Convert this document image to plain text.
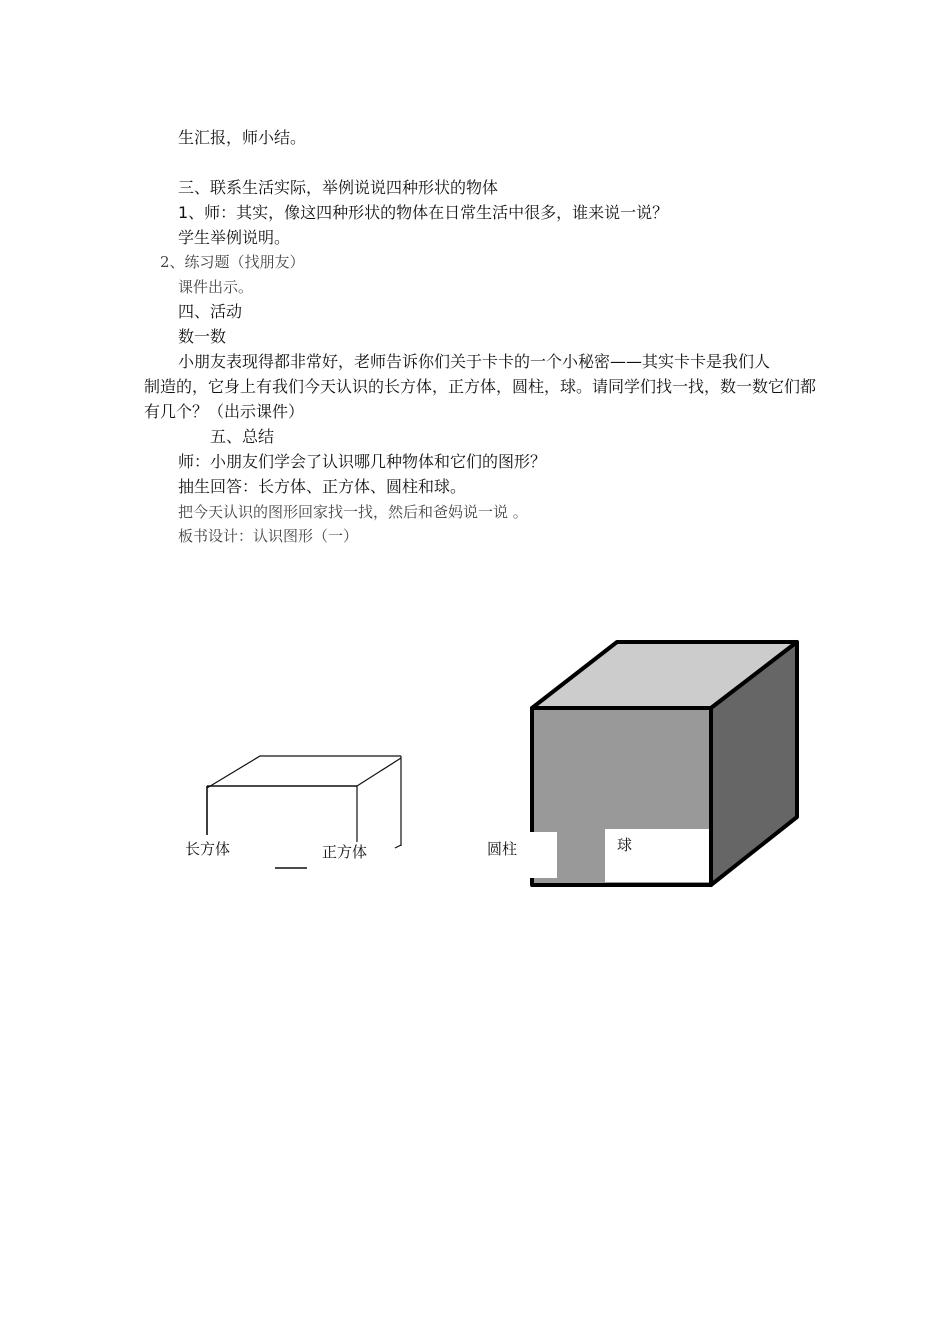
生汇报，师小结。
三、联系生活实际，举例说说四种形状的物体
1、师：其实，像这四种形状的物体在日常生活中很多，谁来说一说？
学生举例说明。
2、练习题（找朋友）
课件出示。
四、活动
数一数
小朋友表现得都非常好，老师告诉你们关于卡卡的一个小秘密——其实卡卡是我们人
制造的，它身上有我们今天认识的长方体，正方体，圆柱，球。请同学们找一找，数一数它们都
有几个？（出示课件）
五、总结
师：小朋友们学会了认识哪几种物体和它们的图形？
抽生回答：长方体、正方体、圆柱和球。
把今天认识的图形回家找一找，然后和爸妈说一说 。
板书设计：认识图形（一）
长方体	正方体	圆柱	球
